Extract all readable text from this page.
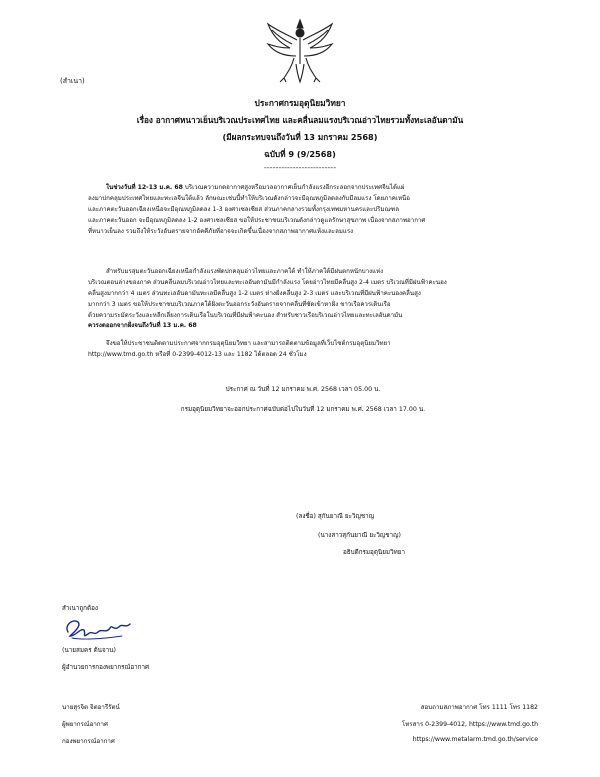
(สำเนา)
ประกาศกรมอุตุนิยมวิทยา
เรื่อง อากาศหนาวเย็นบริเวณประเทศไทย และคลื่นลมแรงบริเวณอ่าวไทยรวมทั้งทะเลอันดามัน
(มีผลกระทบจนถึงวันที่ 13 มกราคม 2568)
ฉบับที่ 9 (9/2568)
-------------------------
ในช่วงวันที่ 12-13 ม.ค. 68 บริเวณความกดอากาศสูงหรือมวลอากาศเย็นกำลังแรงอีกระลอกจากประเทศจีนได้แผ่
ลงมาปกคลุมประเทศไทยและทะเลจีนใต้แล้ว ลักษณะเช่นนี้ทำให้บริเวณดังกล่าวจะมีอุณหภูมิลดลงกับมีลมแรง โดยภาคเหนือ
และภาคตะวันออกเฉียงเหนือจะมีอุณหภูมิลดลง 1-3 องศาเซลเซียส ส่วนภาคกลางรวมทั้งกรุงเทพมหานครและปริมณฑล
และภาคตะวันออก จะมีอุณหภูมิลดลง 1-2 องศาเซลเซียส ขอให้ประชาชนบริเวณดังกล่าวดูแลรักษาสุขภาพ เนื่องจากสภาพอากาศ
ที่หนาวเย็นลง รวมถึงให้ระวังอันตรายจากอัคคีภัยที่อาจจะเกิดขึ้นเนื่องจากสภาพอากาศแห้งและลมแรง
สำหรับมรสุมตะวันออกเฉียงเหนือกำลังแรงพัดปกคลุมอ่าวไทยและภาคใต้ ทำให้ภาคใต้มีฝนตกหนักบางแห่ง
บริเวณตอนล่างของภาค ส่วนคลื่นลมบริเวณอ่าวไทยและทะเลอันดามันมีกำลังแรง โดยอ่าวไทยมีคลื่นสูง 2-4 เมตร บริเวณที่มีฝนฟ้าคะนอง
คลื่นสูงมากกว่า 4 เมตร ส่วนทะเลอันดามันทะเลมีคลื่นสูง 1-2 เมตร ห่างฝั่งคลื่นสูง 2-3 เมตร และบริเวณที่มีฝนฟ้าคะนองคลื่นสูง
มากกว่า 3 เมตร ขอให้ประชาชนบริเวณภาคใต้ฝั่งตะวันออกระวังอันตรายจากคลื่นที่ซัดเข้าหาฝั่ง ชาวเรือควรเดินเรือ
ด้วยความระมัดระวังและหลีกเลี่ยงการเดินเรือในบริเวณที่มีฝนฟ้าคะนอง สำหรับชาวเรือบริเวณอ่าวไทยและทะเลอันดามัน
ควรงดออกจากฝั่งจนถึงวันที่ 13 ม.ค. 68
จึงขอให้ประชาชนติดตามประกาศจากกรมอุตุนิยมวิทยา และสามารถติดตามข้อมูลที่เว็บไซต์กรมอุตุนิยมวิทยา
http://www.tmd.go.th หรือที่ 0-2399-4012-13 และ 1182 ได้ตลอด 24 ชั่วโมง
ประกาศ ณ วันที่ 12 มกราคม พ.ศ. 2568 เวลา 05.00 น.
กรมอุตุนิยมวิทยาจะออกประกาศฉบับต่อไปในวันที่ 12 มกราคม พ.ศ. 2568 เวลา 17.00 น.
(ลงชื่อ) สุกันยาณี ยะวิญชาญ
(นางสาวสุกันยาณี ยะวิญชาญ)
อธิบดีกรมอุตุนิยมวิทยา
สำเนาถูกต้อง
(นายสมคร ต้นจาน)
ผู้อำนวยการกองพยากรณ์อากาศ
นายสุรจิต จิตอารีรัตน์
ผู้พยากรณ์อากาศ
กองพยากรณ์อากาศ
สอบถามสภาพอากาศ โทร 1111 โทร 1182
โทรสาร 0-2399-4012, https://www.tmd.go.th
https://www.metalarm.tmd.go.th/service
